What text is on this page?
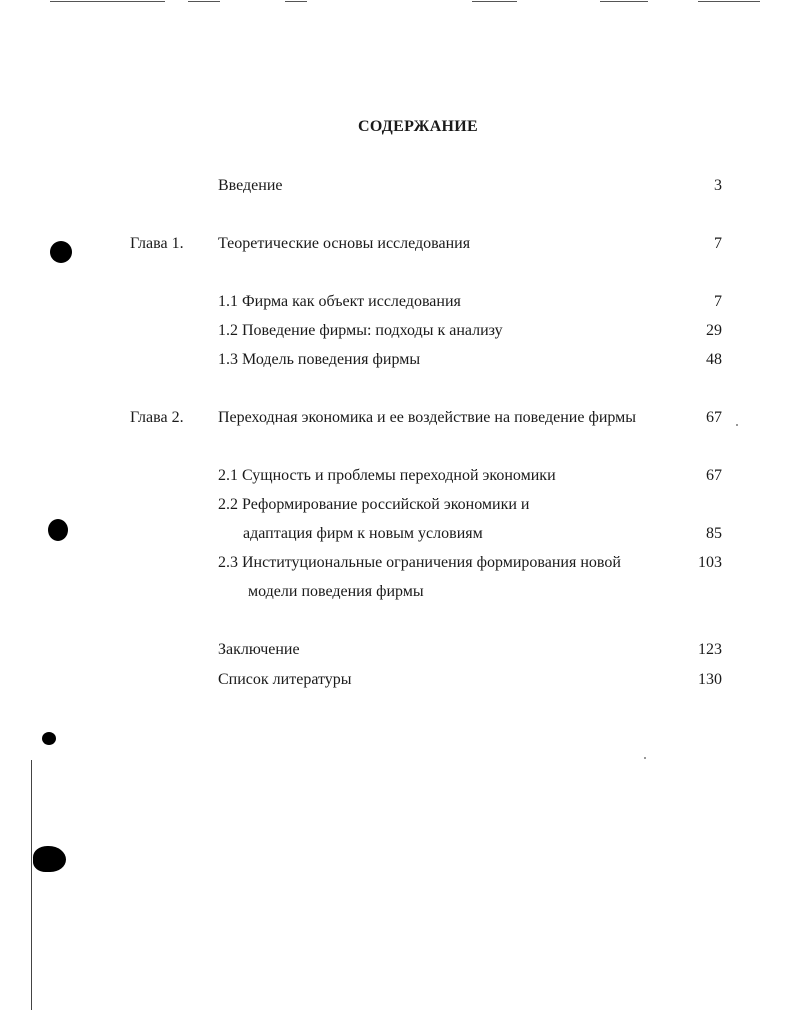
СОДЕРЖАНИЕ
Введение	3
Глава 1. Теоретические основы исследования	7
1.1 Фирма как объект исследования	7
1.2 Поведение фирмы: подходы к анализу	29
1.3 Модель поведения фирмы	48
Глава 2. Переходная экономика и ее воздействие на поведение фирмы	67
2.1 Сущность и проблемы переходной экономики	67
2.2 Реформирование российской экономики и
адаптация фирм к новым условиям	85
2.3 Институциональные ограничения формирования новой	103
модели поведения фирмы
Заключение	123
Список литературы	130
